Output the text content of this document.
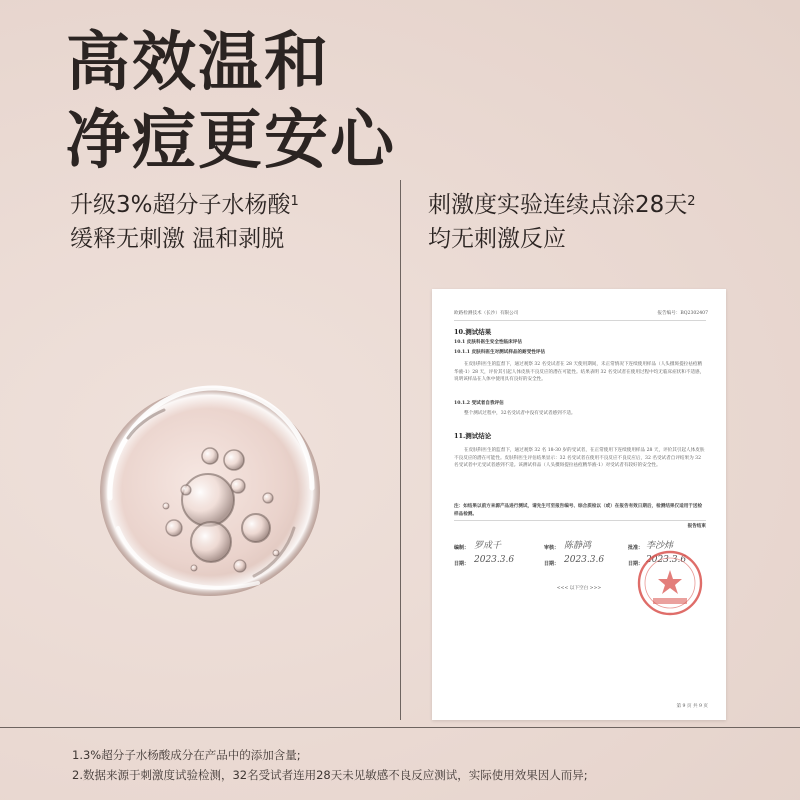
高效温和
净痘更安心
升级3%超分子水杨酸$^1$
缓释无刺激 温和剥脱
刺激度实验连续点涂28天$^2$
均无刺激反应
欧路检测技术（长沙）有限公司	报告编号：BQ2302407
10.测试结果
10.1 皮肤科医生安全性临床评估
10.1.1 皮肤科医生对测试样品的耐受性评估
在皮肤科医生的监督下，通过观察 32 名受试者在 28 天使用期间，未正常情况下连续使用样品（人头摄斑提拉祛痘精华液-1）28 天，评价其引起人体皮肤不良反应的潜在可能性。结果表明 32 名受试者在使用过程中均无临床症状和不适感，说明该样品在人体中使用具有良好的安全性。
10.1.2 受试者自我评估
整个测试过程中，32名受试者中没有受试者感到不适。
11.测试结论
在皮肤科医生的监督下，通过观察 32 名 18-30 岁的受试者，在正常使用下连续使用样品 28 天，评价其引起人体皮肤不良反应的潜在可能性。皮肤科医生评估结果显示：32 名受试者在使用不良反应不良反应后，32 名受试者自评结果为 32 名受试者中无受试者感到不适。该测试样品（人头摄斑提拉祛痘精华液-1）对受试者有较好的安全性。
注：如结果以前方来源产品进行测试，请先生可至报告编号、综合质检以（或）在报告有效日期后，检测结果仅适用于送检样品检测。
报告结束
编制： 罗成千
日期： 2023.3.6
审核： 陈静鸿
日期： 2023.3.6
批准： 李沙炜
日期： 2023.3.6
<<< 以下空白 >>>
第 9 页 共 9 页
1.3%超分子水杨酸成分在产品中的添加含量;
2.数据来源于刺激度试验检测，32名受试者连用28天未见敏感不良反应测试，实际使用效果因人而异;
